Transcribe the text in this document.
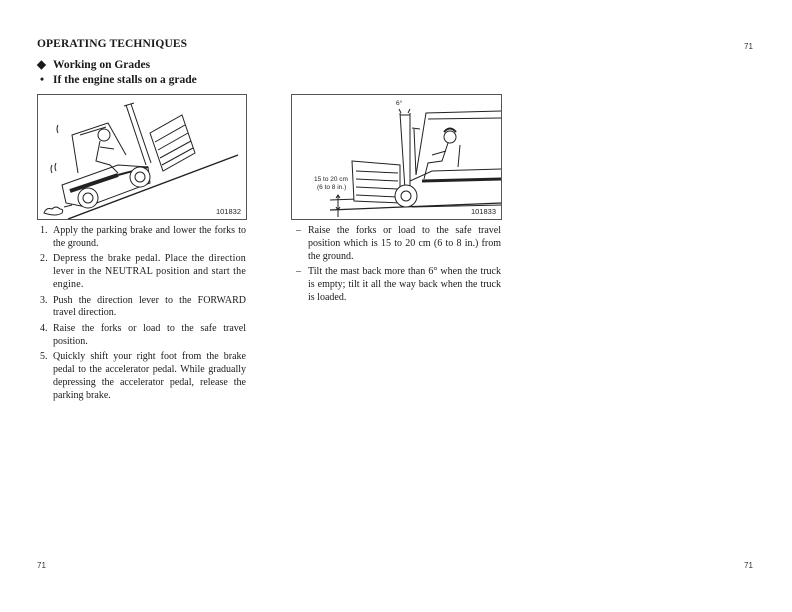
OPERATING TECHNIQUES	71
◆ Working on Grades
• If the engine stalls on a grade
101832
6°
15 to 20 cm
(6 to 8 in.)
101833
1. Apply the parking brake and lower the forks to the ground.
2. Depress the brake pedal. Place the direction lever in the NEUTRAL position and start the engine.
3. Push the direction lever to the FORWARD travel direction.
4. Raise the forks or load to the safe travel position.
5. Quickly shift your right foot from the brake pedal to the accelerator pedal. While gradually depressing the accelerator pedal, release the parking brake.
– Raise the forks or load to the safe travel position which is 15 to 20 cm (6 to 8 in.) from the ground.
– Tilt the mast back more than 6° when the truck is empty; tilt it all the way back when the truck is loaded.
71	71
